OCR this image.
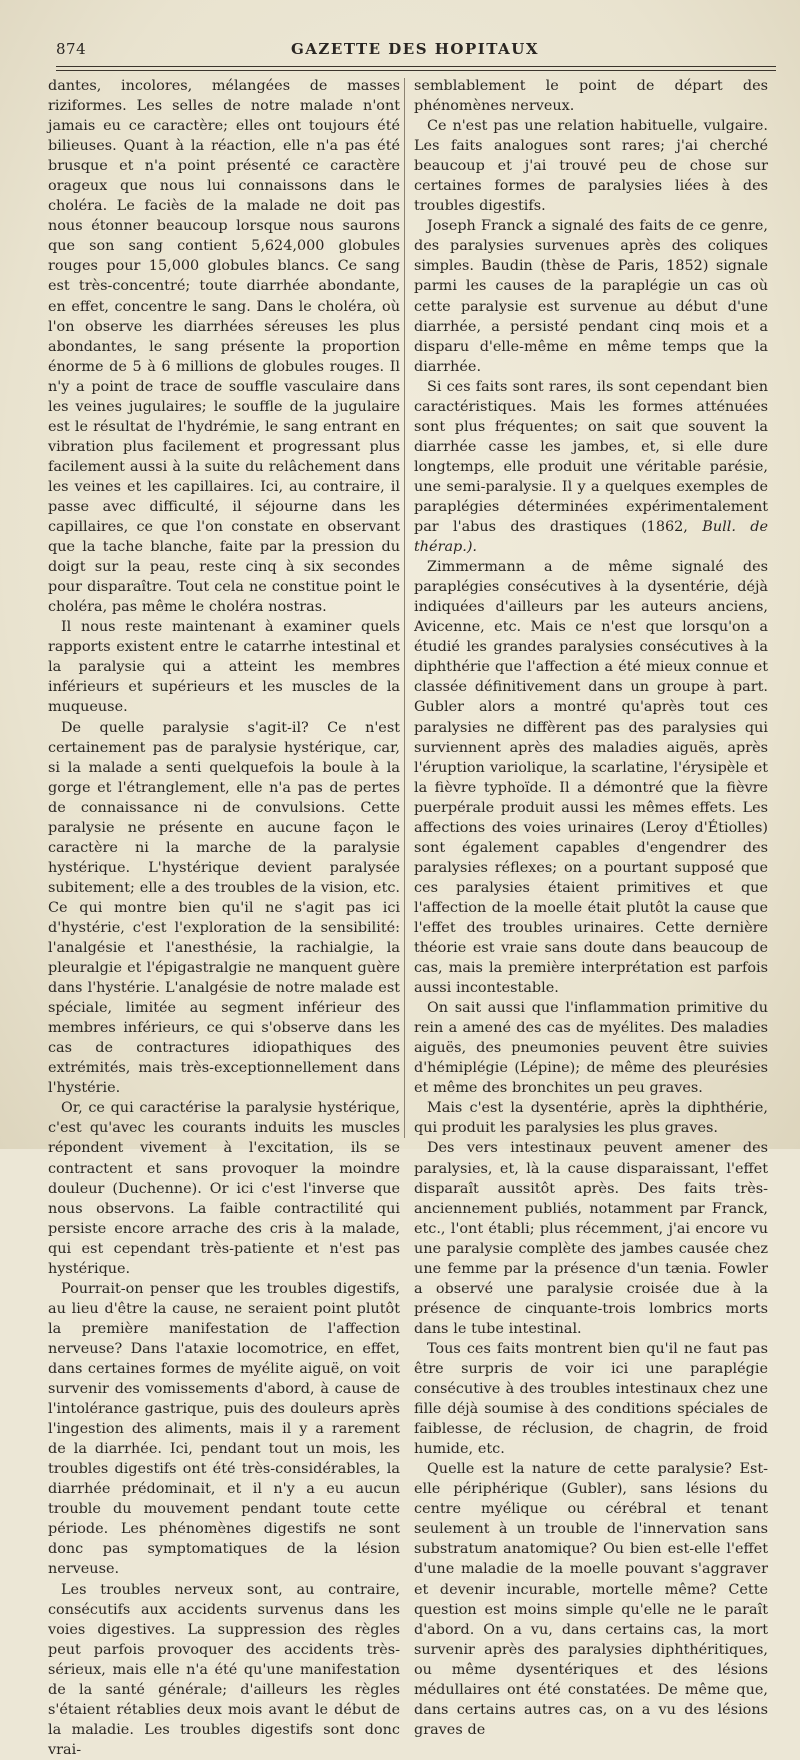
874	GAZETTE DES HOPITAUX

dantes, incolores, mélangées de masses riziformes. Les selles de notre malade n'ont jamais eu ce caractère; elles ont toujours été bilieuses. Quant à la réaction, elle n'a pas été brusque et n'a point présenté ce caractère orageux que nous lui connaissons dans le choléra. Le faciès de la malade ne doit pas nous étonner beaucoup lorsque nous saurons que son sang contient 5,624,000 globules rouges pour 15,000 globules blancs. Ce sang est très-concentré; toute diarrhée abondante, en effet, concentre le sang. Dans le choléra, où l'on observe les diarrhées séreuses les plus abondantes, le sang présente la proportion énorme de 5 à 6 millions de globules rouges. Il n'y a point de trace de souffle vasculaire dans les veines jugulaires; le souffle de la jugulaire est le résultat de l'hydrémie, le sang entrant en vibration plus facilement et progressant plus facilement aussi à la suite du relâchement dans les veines et les capillaires. Ici, au contraire, il passe avec difficulté, il séjourne dans les capillaires, ce que l'on constate en observant que la tache blanche, faite par la pression du doigt sur la peau, reste cinq à six secondes pour disparaître. Tout cela ne constitue point le choléra, pas même le choléra nostras.

Il nous reste maintenant à examiner quels rapports existent entre le catarrhe intestinal et la paralysie qui a atteint les membres inférieurs et supérieurs et les muscles de la muqueuse.

De quelle paralysie s'agit-il? Ce n'est certainement pas de paralysie hystérique, car, si la malade a senti quelquefois la boule à la gorge et l'étranglement, elle n'a pas de pertes de connaissance ni de convulsions. Cette paralysie ne présente en aucune façon le caractère ni la marche de la paralysie hystérique. L'hystérique devient paralysée subitement; elle a des troubles de la vision, etc. Ce qui montre bien qu'il ne s'agit pas ici d'hystérie, c'est l'exploration de la sensibilité: l'analgésie et l'anesthésie, la rachialgie, la pleuralgie et l'épigastralgie ne manquent guère dans l'hystérie. L'analgésie de notre malade est spéciale, limitée au segment inférieur des membres inférieurs, ce qui s'observe dans les cas de contractures idiopathiques des extrémités, mais très-exceptionnellement dans l'hystérie.

Or, ce qui caractérise la paralysie hystérique, c'est qu'avec les courants induits les muscles répondent vivement à l'excitation, ils se contractent et sans provoquer la moindre douleur (Duchenne). Or ici c'est l'inverse que nous observons. La faible contractilité qui persiste encore arrache des cris à la malade, qui est cependant très-patiente et n'est pas hystérique.

Pourrait-on penser que les troubles digestifs, au lieu d'être la cause, ne seraient point plutôt la première manifestation de l'affection nerveuse? Dans l'ataxie locomotrice, en effet, dans certaines formes de myélite aiguë, on voit survenir des vomissements d'abord, à cause de l'intolérance gastrique, puis des douleurs après l'ingestion des aliments, mais il y a rarement de la diarrhée. Ici, pendant tout un mois, les troubles digestifs ont été très-considérables, la diarrhée prédominait, et il n'y a eu aucun trouble du mouvement pendant toute cette période. Les phénomènes digestifs ne sont donc pas symptomatiques de la lésion nerveuse.

Les troubles nerveux sont, au contraire, consécutifs aux accidents survenus dans les voies digestives. La suppression des règles peut parfois provoquer des accidents très-sérieux, mais elle n'a été qu'une manifestation de la santé générale; d'ailleurs les règles s'étaient rétablies deux mois avant le début de la maladie. Les troubles digestifs sont donc vrai-

semblablement le point de départ des phénomènes nerveux.

Ce n'est pas une relation habituelle, vulgaire. Les faits analogues sont rares; j'ai cherché beaucoup et j'ai trouvé peu de chose sur certaines formes de paralysies liées à des troubles digestifs.

Joseph Franck a signalé des faits de ce genre, des paralysies survenues après des coliques simples. Baudin (thèse de Paris, 1852) signale parmi les causes de la paraplégie un cas où cette paralysie est survenue au début d'une diarrhée, a persisté pendant cinq mois et a disparu d'elle-même en même temps que la diarrhée.

Si ces faits sont rares, ils sont cependant bien caractéristiques. Mais les formes atténuées sont plus fréquentes; on sait que souvent la diarrhée casse les jambes, et, si elle dure longtemps, elle produit une véritable parésie, une semi-paralysie. Il y a quelques exemples de paraplégies déterminées expérimentalement par l'abus des drastiques (1862, Bull. de thérap.).

Zimmermann a de même signalé des paraplégies consécutives à la dysentérie, déjà indiquées d'ailleurs par les auteurs anciens, Avicenne, etc. Mais ce n'est que lorsqu'on a étudié les grandes paralysies consécutives à la diphthérie que l'affection a été mieux connue et classée définitivement dans un groupe à part. Gubler alors a montré qu'après tout ces paralysies ne diffèrent pas des paralysies qui surviennent après des maladies aiguës, après l'éruption variolique, la scarlatine, l'érysipèle et la fièvre typhoïde. Il a démontré que la fièvre puerpérale produit aussi les mêmes effets. Les affections des voies urinaires (Leroy d'Étiolles) sont également capables d'engendrer des paralysies réflexes; on a pourtant supposé que ces paralysies étaient primitives et que l'affection de la moelle était plutôt la cause que l'effet des troubles urinaires. Cette dernière théorie est vraie sans doute dans beaucoup de cas, mais la première interprétation est parfois aussi incontestable.

On sait aussi que l'inflammation primitive du rein a amené des cas de myélites. Des maladies aiguës, des pneumonies peuvent être suivies d'hémiplégie (Lépine); de même des pleurésies et même des bronchites un peu graves.

Mais c'est la dysentérie, après la diphthérie, qui produit les paralysies les plus graves.

Des vers intestinaux peuvent amener des paralysies, et, là la cause disparaissant, l'effet disparaît aussitôt après. Des faits très-anciennement publiés, notamment par Franck, etc., l'ont établi; plus récemment, j'ai encore vu une paralysie complète des jambes causée chez une femme par la présence d'un tænia. Fowler a observé une paralysie croisée due à la présence de cinquante-trois lombrics morts dans le tube intestinal.

Tous ces faits montrent bien qu'il ne faut pas être surpris de voir ici une paraplégie consécutive à des troubles intestinaux chez une fille déjà soumise à des conditions spéciales de faiblesse, de réclusion, de chagrin, de froid humide, etc.

Quelle est la nature de cette paralysie? Est-elle périphérique (Gubler), sans lésions du centre myélique ou cérébral et tenant seulement à un trouble de l'innervation sans substratum anatomique? Ou bien est-elle l'effet d'une maladie de la moelle pouvant s'aggraver et devenir incurable, mortelle même? Cette question est moins simple qu'elle ne le paraît d'abord. On a vu, dans certains cas, la mort survenir après des paralysies diphthéritiques, ou même dysentériques et des lésions médullaires ont été constatées. De même que, dans certains autres cas, on a vu des lésions graves de
